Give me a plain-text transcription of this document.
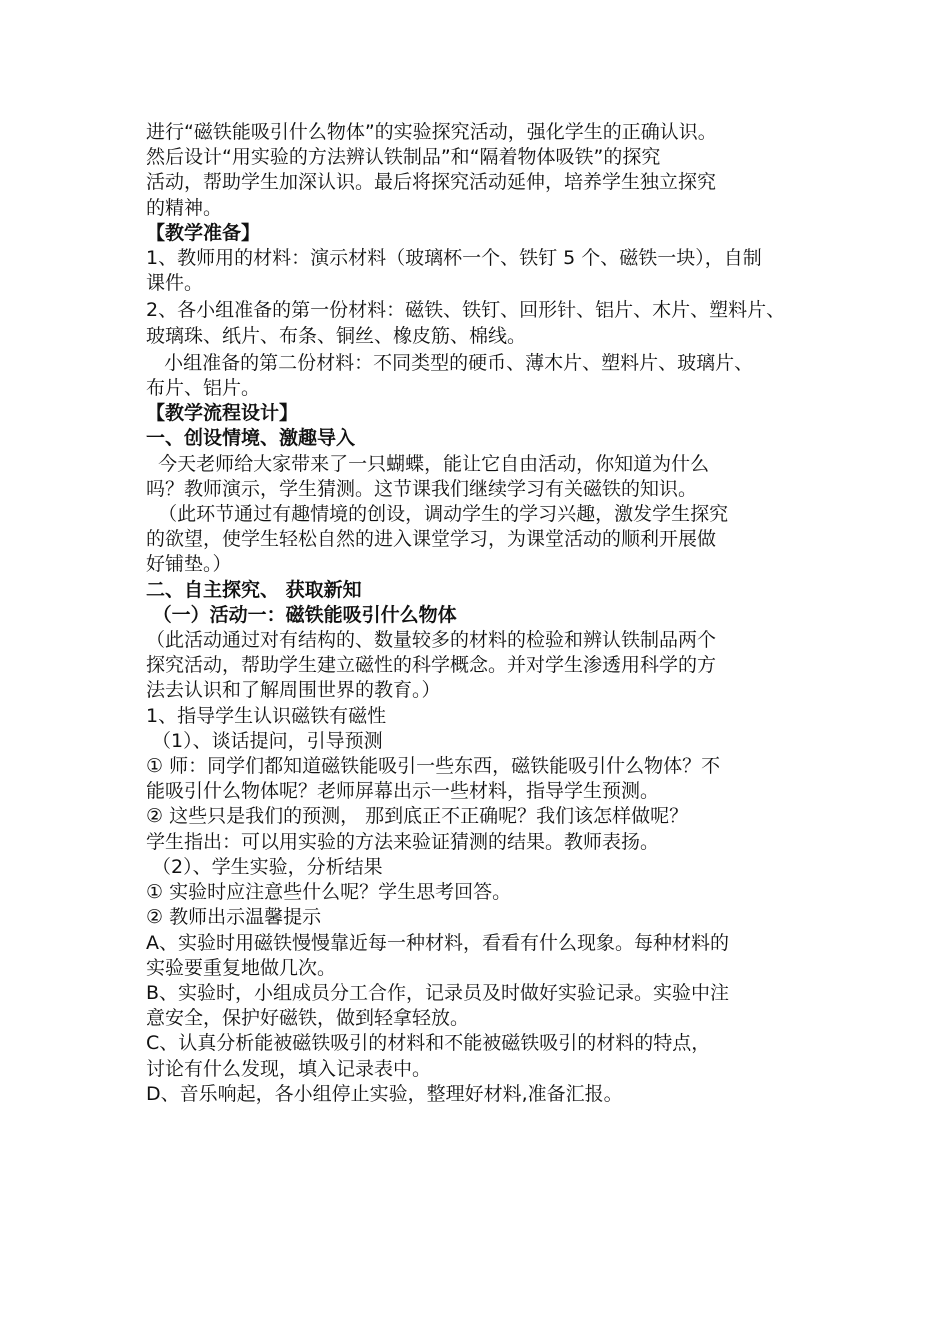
进行“磁铁能吸引什么物体”的实验探究活动，强化学生的正确认识。

然后设计“用实验的方法辨认铁制品”和“隔着物体吸铁”的探究

活动，帮助学生加深认识。最后将探究活动延伸，培养学生独立探究

的精神。

【教学准备】

1、教师用的材料：演示材料（玻璃杯一个、铁钉 5 个、磁铁一块），自制

课件。

2、各小组准备的第一份材料：磁铁、铁钉、回形针、铝片、木片、塑料片、

玻璃珠、纸片、布条、铜丝、橡皮筋、棉线。

小组准备的第二份材料：不同类型的硬币、薄木片、塑料片、玻璃片、

布片、铝片。

【教学流程设计】

一、创设情境、激趣导入

今天老师给大家带来了一只蝴蝶，能让它自由活动，你知道为什么

吗？教师演示，学生猜测。这节课我们继续学习有关磁铁的知识。

（此环节通过有趣情境的创设，调动学生的学习兴趣，激发学生探究

的欲望，使学生轻松自然的进入课堂学习，为课堂活动的顺利开展做

好铺垫。）

二、自主探究、 获取新知

（一）活动一：磁铁能吸引什么物体

（此活动通过对有结构的、数量较多的材料的检验和辨认铁制品两个

探究活动，帮助学生建立磁性的科学概念。并对学生渗透用科学的方

法去认识和了解周围世界的教育。）

1、指导学生认识磁铁有磁性

（1）、谈话提问，引导预测

① 师：同学们都知道磁铁能吸引一些东西，磁铁能吸引什么物体？不

能吸引什么物体呢？老师屏幕出示一些材料，指导学生预测。

② 这些只是我们的预测， 那到底正不正确呢？我们该怎样做呢？

学生指出：可以用实验的方法来验证猜测的结果。教师表扬。

（2）、学生实验，分析结果

① 实验时应注意些什么呢？学生思考回答。

② 教师出示温馨提示

A、实验时用磁铁慢慢靠近每一种材料，看看有什么现象。每种材料的

实验要重复地做几次。

B、实验时，小组成员分工合作，记录员及时做好实验记录。实验中注

意安全，保护好磁铁，做到轻拿轻放。

C、认真分析能被磁铁吸引的材料和不能被磁铁吸引的材料的特点，

讨论有什么发现，填入记录表中。

D、音乐响起，各小组停止实验，整理好材料,准备汇报。
